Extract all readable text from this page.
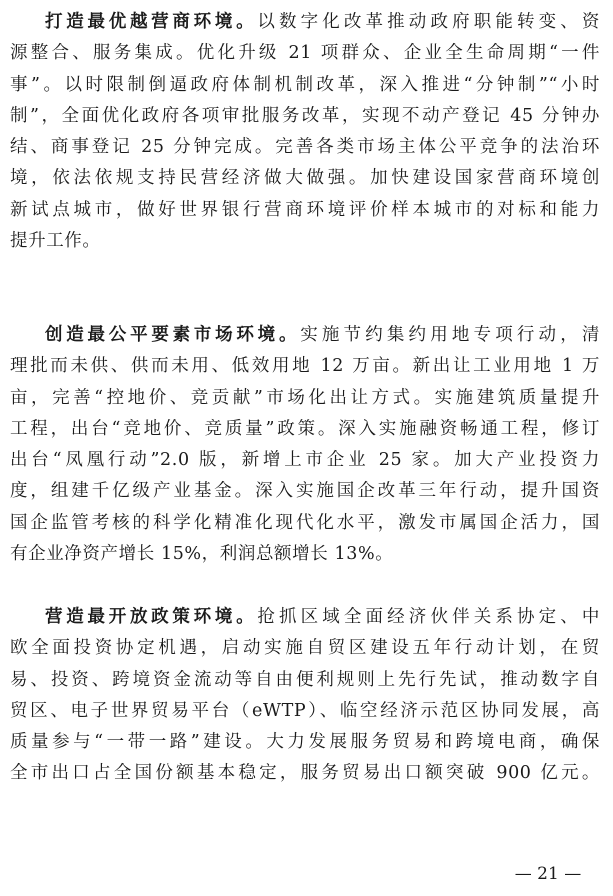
打造最优越营商环境。以数字化改革推动政府职能转变、资
源整合、服务集成。优化升级 21 项群众、企业全生命周期“一件
事”。以时限制倒逼政府体制机制改革，深入推进“分钟制”“小时
制”，全面优化政府各项审批服务改革，实现不动产登记 45 分钟办
结、商事登记 25 分钟完成。完善各类市场主体公平竞争的法治环
境，依法依规支持民营经济做大做强。加快建设国家营商环境创
新试点城市，做好世界银行营商环境评价样本城市的对标和能力
提升工作。
创造最公平要素市场环境。实施节约集约用地专项行动，清
理批而未供、供而未用、低效用地 12 万亩。新出让工业用地 1 万
亩，完善“控地价、竞贡献”市场化出让方式。实施建筑质量提升
工程，出台“竞地价、竞质量”政策。深入实施融资畅通工程，修订
出台“凤凰行动”2.0 版，新增上市企业 25 家。加大产业投资力
度，组建千亿级产业基金。深入实施国企改革三年行动，提升国资
国企监管考核的科学化精准化现代化水平，激发市属国企活力，国
有企业净资产增长 15%，利润总额增长 13%。
营造最开放政策环境。抢抓区域全面经济伙伴关系协定、中
欧全面投资协定机遇，启动实施自贸区建设五年行动计划，在贸
易、投资、跨境资金流动等自由便利规则上先行先试，推动数字自
贸区、电子世界贸易平台（eWTP）、临空经济示范区协同发展，高
质量参与“一带一路”建设。大力发展服务贸易和跨境电商，确保
全市出口占全国份额基本稳定，服务贸易出口额突破 900 亿元。
— 21 —
